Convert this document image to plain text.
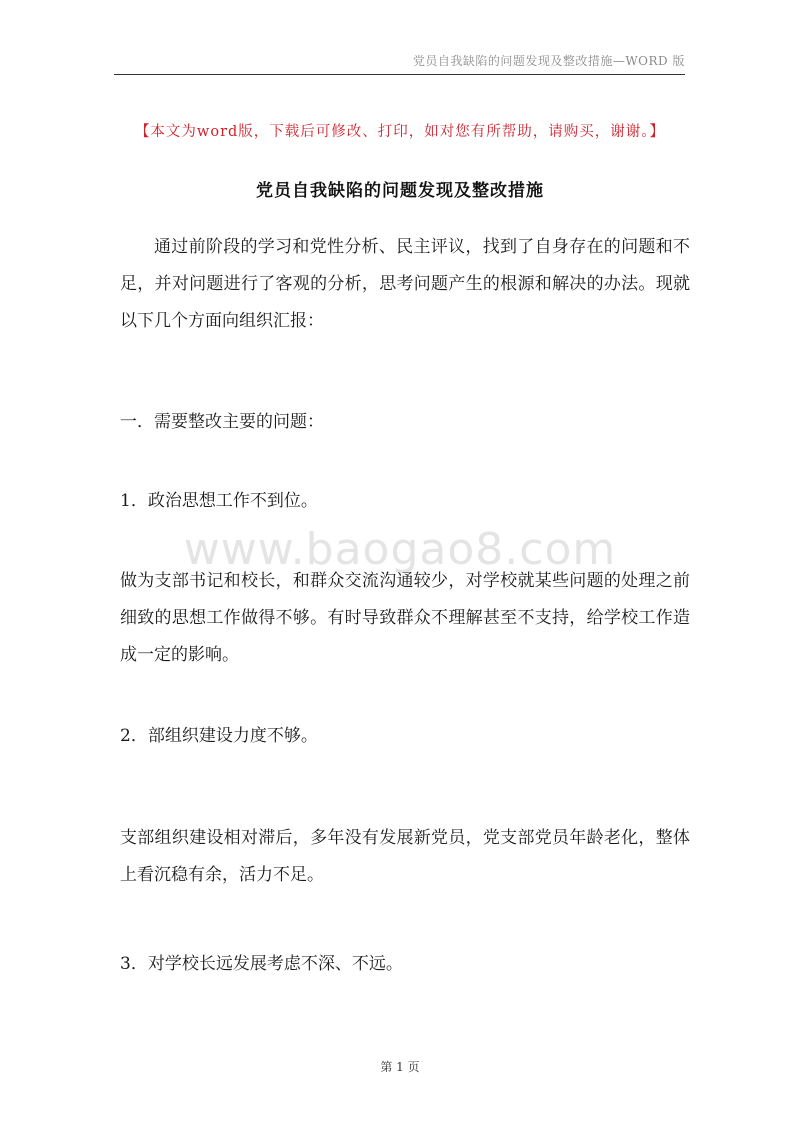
党员自我缺陷的问题发现及整改措施—WORD 版
【本文为word版，下载后可修改、打印，如对您有所帮助，请购买，谢谢。】
党员自我缺陷的问题发现及整改措施

通过前阶段的学习和党性分析、民主评议，找到了自身存在的问题和不足，并对问题进行了客观的分析，思考问题产生的根源和解决的办法。现就以下几个方面向组织汇报：

一．需要整改主要的问题：

1．政治思想工作不到位。

www.baogao8.com

做为支部书记和校长，和群众交流沟通较少，对学校就某些问题的处理之前细致的思想工作做得不够。有时导致群众不理解甚至不支持，给学校工作造成一定的影响。

2．部组织建设力度不够。

支部组织建设相对滞后，多年没有发展新党员，党支部党员年龄老化，整体上看沉稳有余，活力不足。

3．对学校长远发展考虑不深、不远。

第 1 页
